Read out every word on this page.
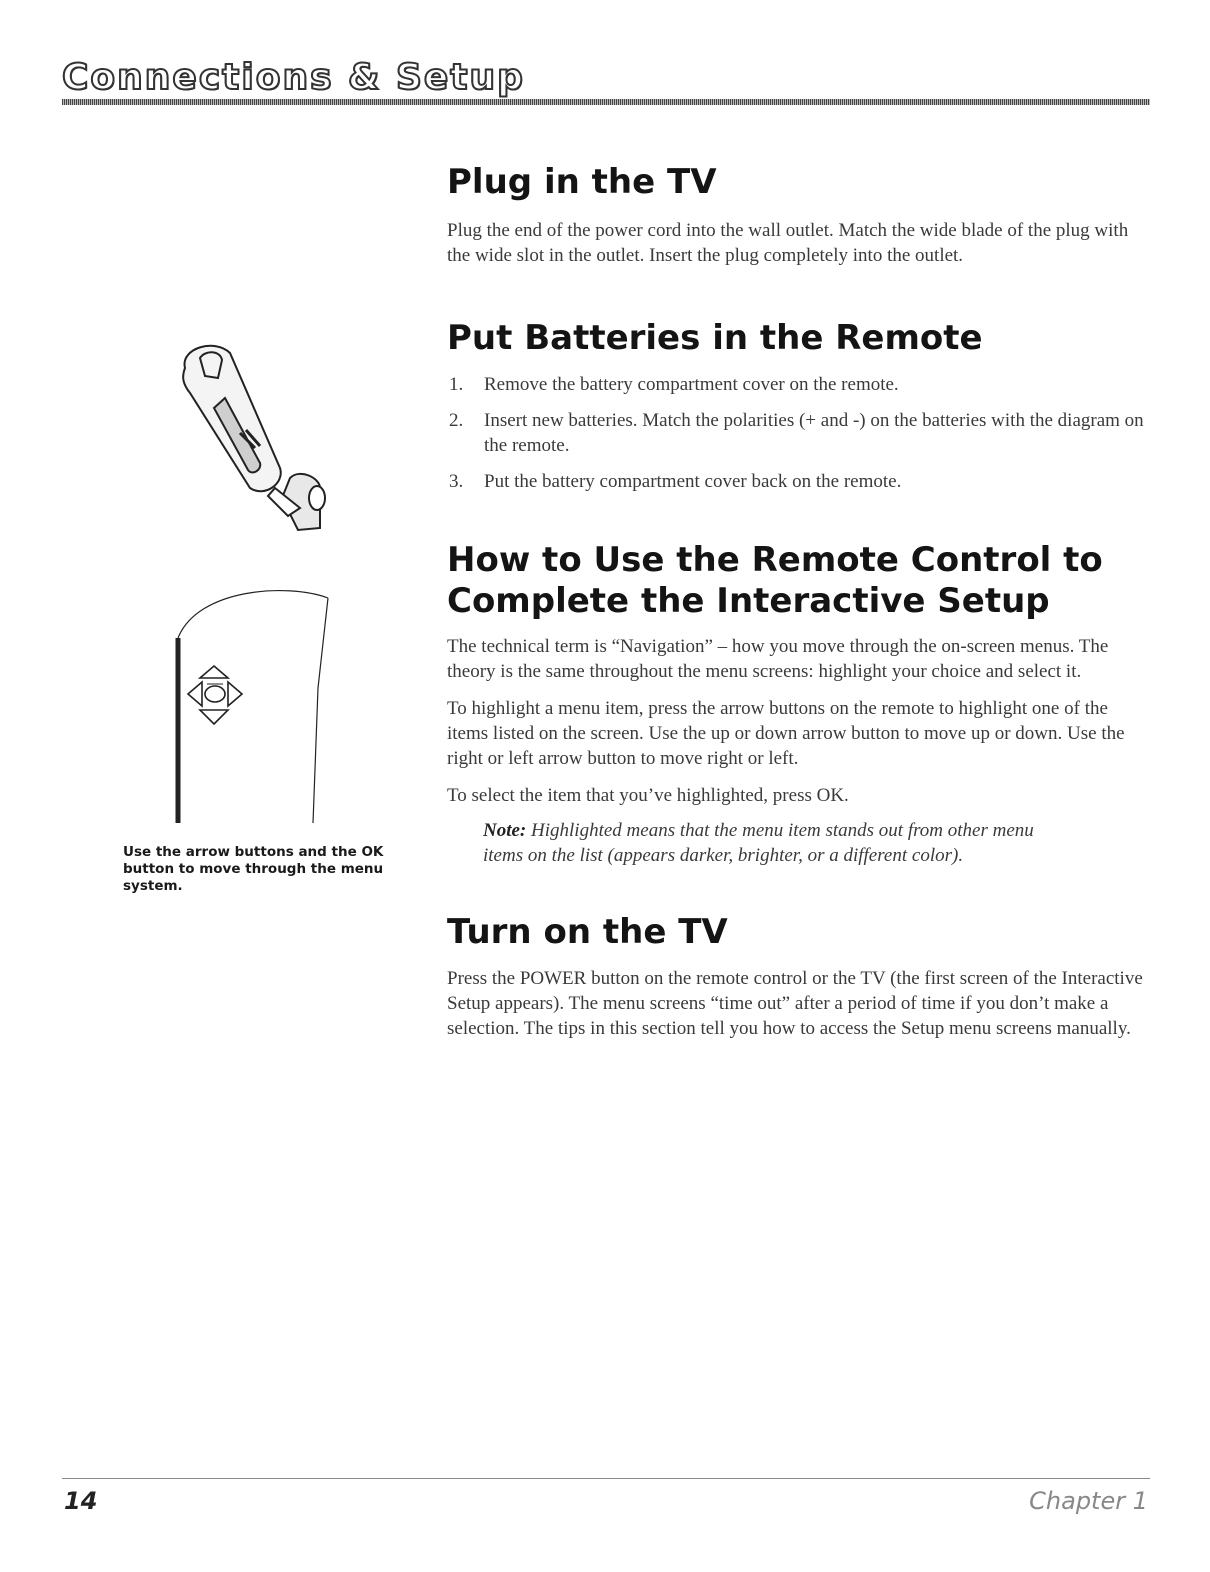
Connections & Setup
Use the arrow buttons and the OK button to move through the menu system.
Plug in the TV

Plug the end of the power cord into the wall outlet. Match the wide blade of the plug with the wide slot in the outlet. Insert the plug completely into the outlet.

Put Batteries in the Remote
1. Remove the battery compartment cover on the remote.
2. Insert new batteries. Match the polarities (+ and -) on the batteries with the diagram on the remote.
3. Put the battery compartment cover back on the remote.
How to Use the Remote Control to Complete the Interactive Setup

The technical term is “Navigation” – how you move through the on-screen menus. The theory is the same throughout the menu screens: highlight your choice and select it.

To highlight a menu item, press the arrow buttons on the remote to highlight one of the items listed on the screen. Use the up or down arrow button to move up or down. Use the right or left arrow button to move right or left.

To select the item that you’ve highlighted, press OK.

Note: Highlighted means that the menu item stands out from other menu items on the list (appears darker, brighter, or a different color).

Turn on the TV

Press the POWER button on the remote control or the TV (the first screen of the Interactive Setup appears). The menu screens “time out” after a period of time if you don’t make a selection. The tips in this section tell you how to access the Setup menu screens manually.

14	Chapter 1
